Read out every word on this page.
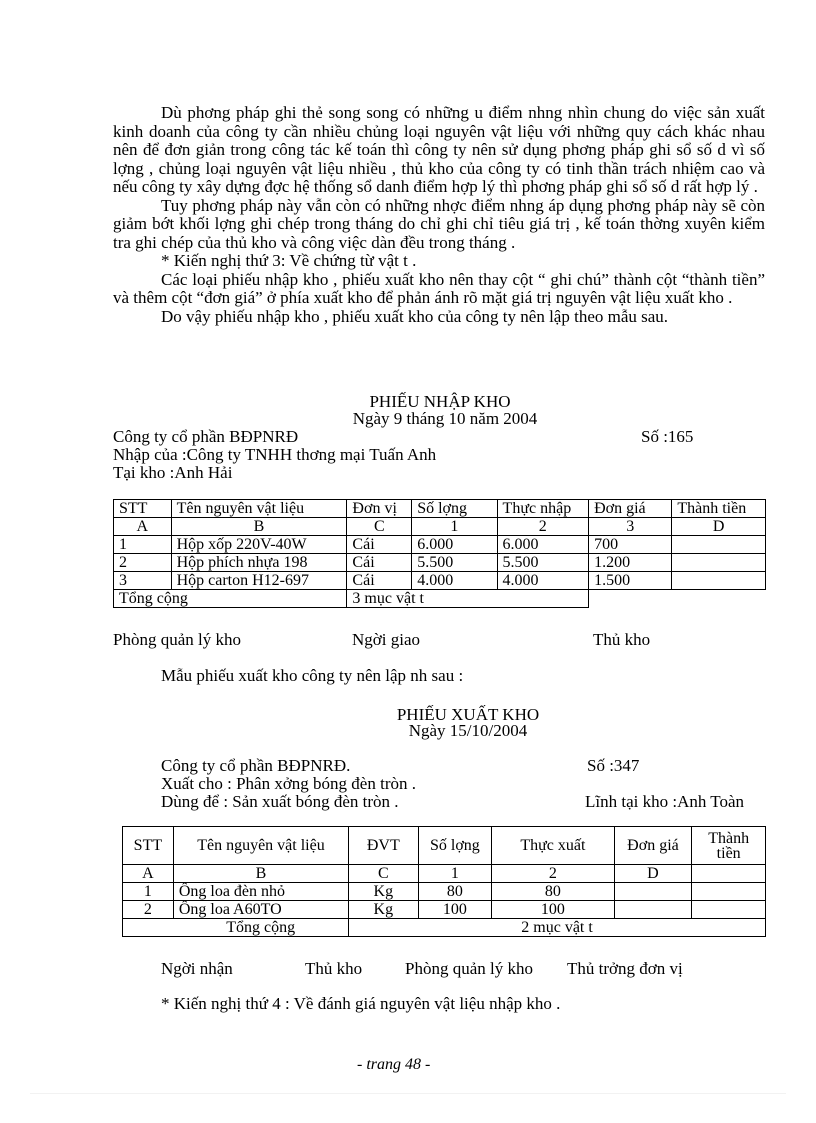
Dù phơng pháp ghi thẻ song song có những u điểm nhng nhìn chung do việc sản xuất kinh doanh của công ty cần nhiều chủng loại nguyên vật liệu với những quy cách khác nhau nên để đơn giản trong công tác kế toán thì công ty nên sử dụng phơng pháp ghi sổ số d vì số lợng , chủng loại nguyên vật liệu nhiều , thủ kho của công ty có tinh thần trách nhiệm cao và nếu công ty xây dựng đợc hệ thống sổ danh điểm hợp lý thì phơng pháp ghi sổ số d rất hợp lý .

Tuy phơng pháp này vẫn còn có những nhợc điểm nhng áp dụng phơng pháp này sẽ còn giảm bớt khối lợng ghi chép trong tháng do chỉ ghi chỉ tiêu giá trị , kế toán thờng xuyên kiểm tra ghi chép của thủ kho và công việc dàn đều trong tháng .

* Kiến nghị thứ 3: Về chứng từ vật t .

Các loại phiếu nhập kho , phiếu xuất kho nên thay cột “ ghi chú” thành cột “thành tiền” và thêm cột “đơn giá” ở phía xuất kho để phản ánh rõ mặt giá trị nguyên vật liệu xuất kho .

Do vậy phiếu nhập kho , phiếu xuất kho của công ty nên lập theo mẫu sau.

PHIẾU NHẬP KHO
Ngày 9 tháng 10 năm 2004
Công ty cổ phần BĐPNRĐ	Số :165
Nhập của :Công ty TNHH thơng mại Tuấn Anh
Tại kho :Anh Hải
STT	Tên nguyên vật liệu	Đơn vị	Số lợng	Thực nhập	Đơn giá	Thành tiền
A	B	C	1	2	3	D
1	Hộp xốp 220V-40W	Cái	6.000	6.000	700	
2	Hộp phích nhựa 198	Cái	5.500	5.500	1.200	
3	Hộp carton H12-697	Cái	4.000	4.000	1.500	
Tổng cộng		3 mục vật t				
Phòng quản lý kho	Ngời giao	Thủ kho
Mẫu phiếu xuất kho công ty nên lập nh sau :
PHIẾU XUẤT KHO
Ngày 15/10/2004
Công ty cổ phần BĐPNRĐ.	Số :347
Xuất cho : Phân xởng bóng đèn tròn .
Dùng để : Sản xuất bóng đèn tròn .	Lĩnh tại kho :Anh Toàn
STT	Tên nguyên vật liệu	ĐVT	Số lợng	Thực xuất	Đơn giá	Thành tiền
A	B	C	1	2	D	
1	Ống loa đèn nhỏ	Kg	80	80		
2	Ống loa A60TO	Kg	100	100		
	Tổng cộng	2 mục vật t				
Ngời nhận	Thủ kho	Phòng quản lý kho Thủ trởng đơn vị
* Kiến nghị thứ 4 : Về đánh giá nguyên vật liệu nhập kho .
- trang 48 -
